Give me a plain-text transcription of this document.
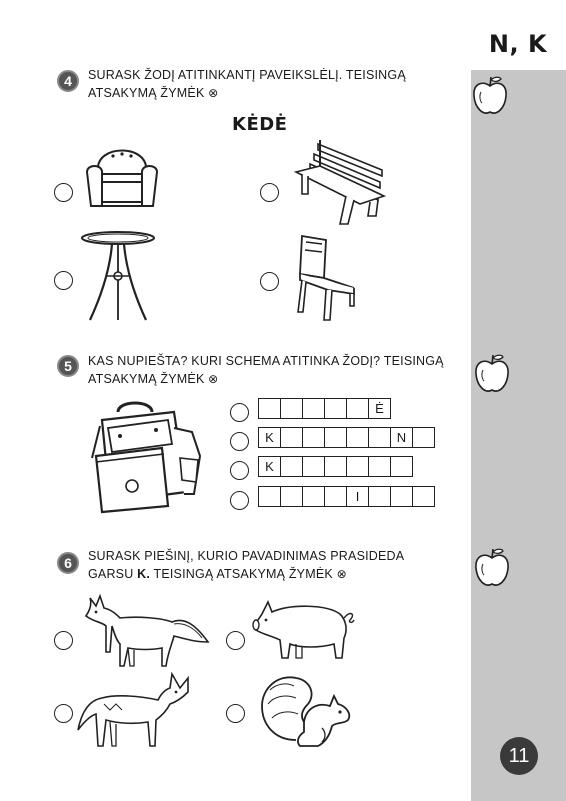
N, K
11
4	SURASK ŽODĮ ATITINKANTĮ PAVEIKSLĖLĮ. TEISINGĄ
ATSAKYMĄ ŽYMĖK ⊗
KĖDĖ
5	KAS NUPIEŠTA? KURI SCHEMA ATITINKA ŽODĮ? TEISINGĄ
ATSAKYMĄ ŽYMĖK ⊗
Ė
K	N
K
I
6	SURASK PIEŠINĮ, KURIO PAVADINIMAS PRASIDEDA
GARSU K. TEISINGĄ ATSAKYMĄ ŽYMĖK ⊗
